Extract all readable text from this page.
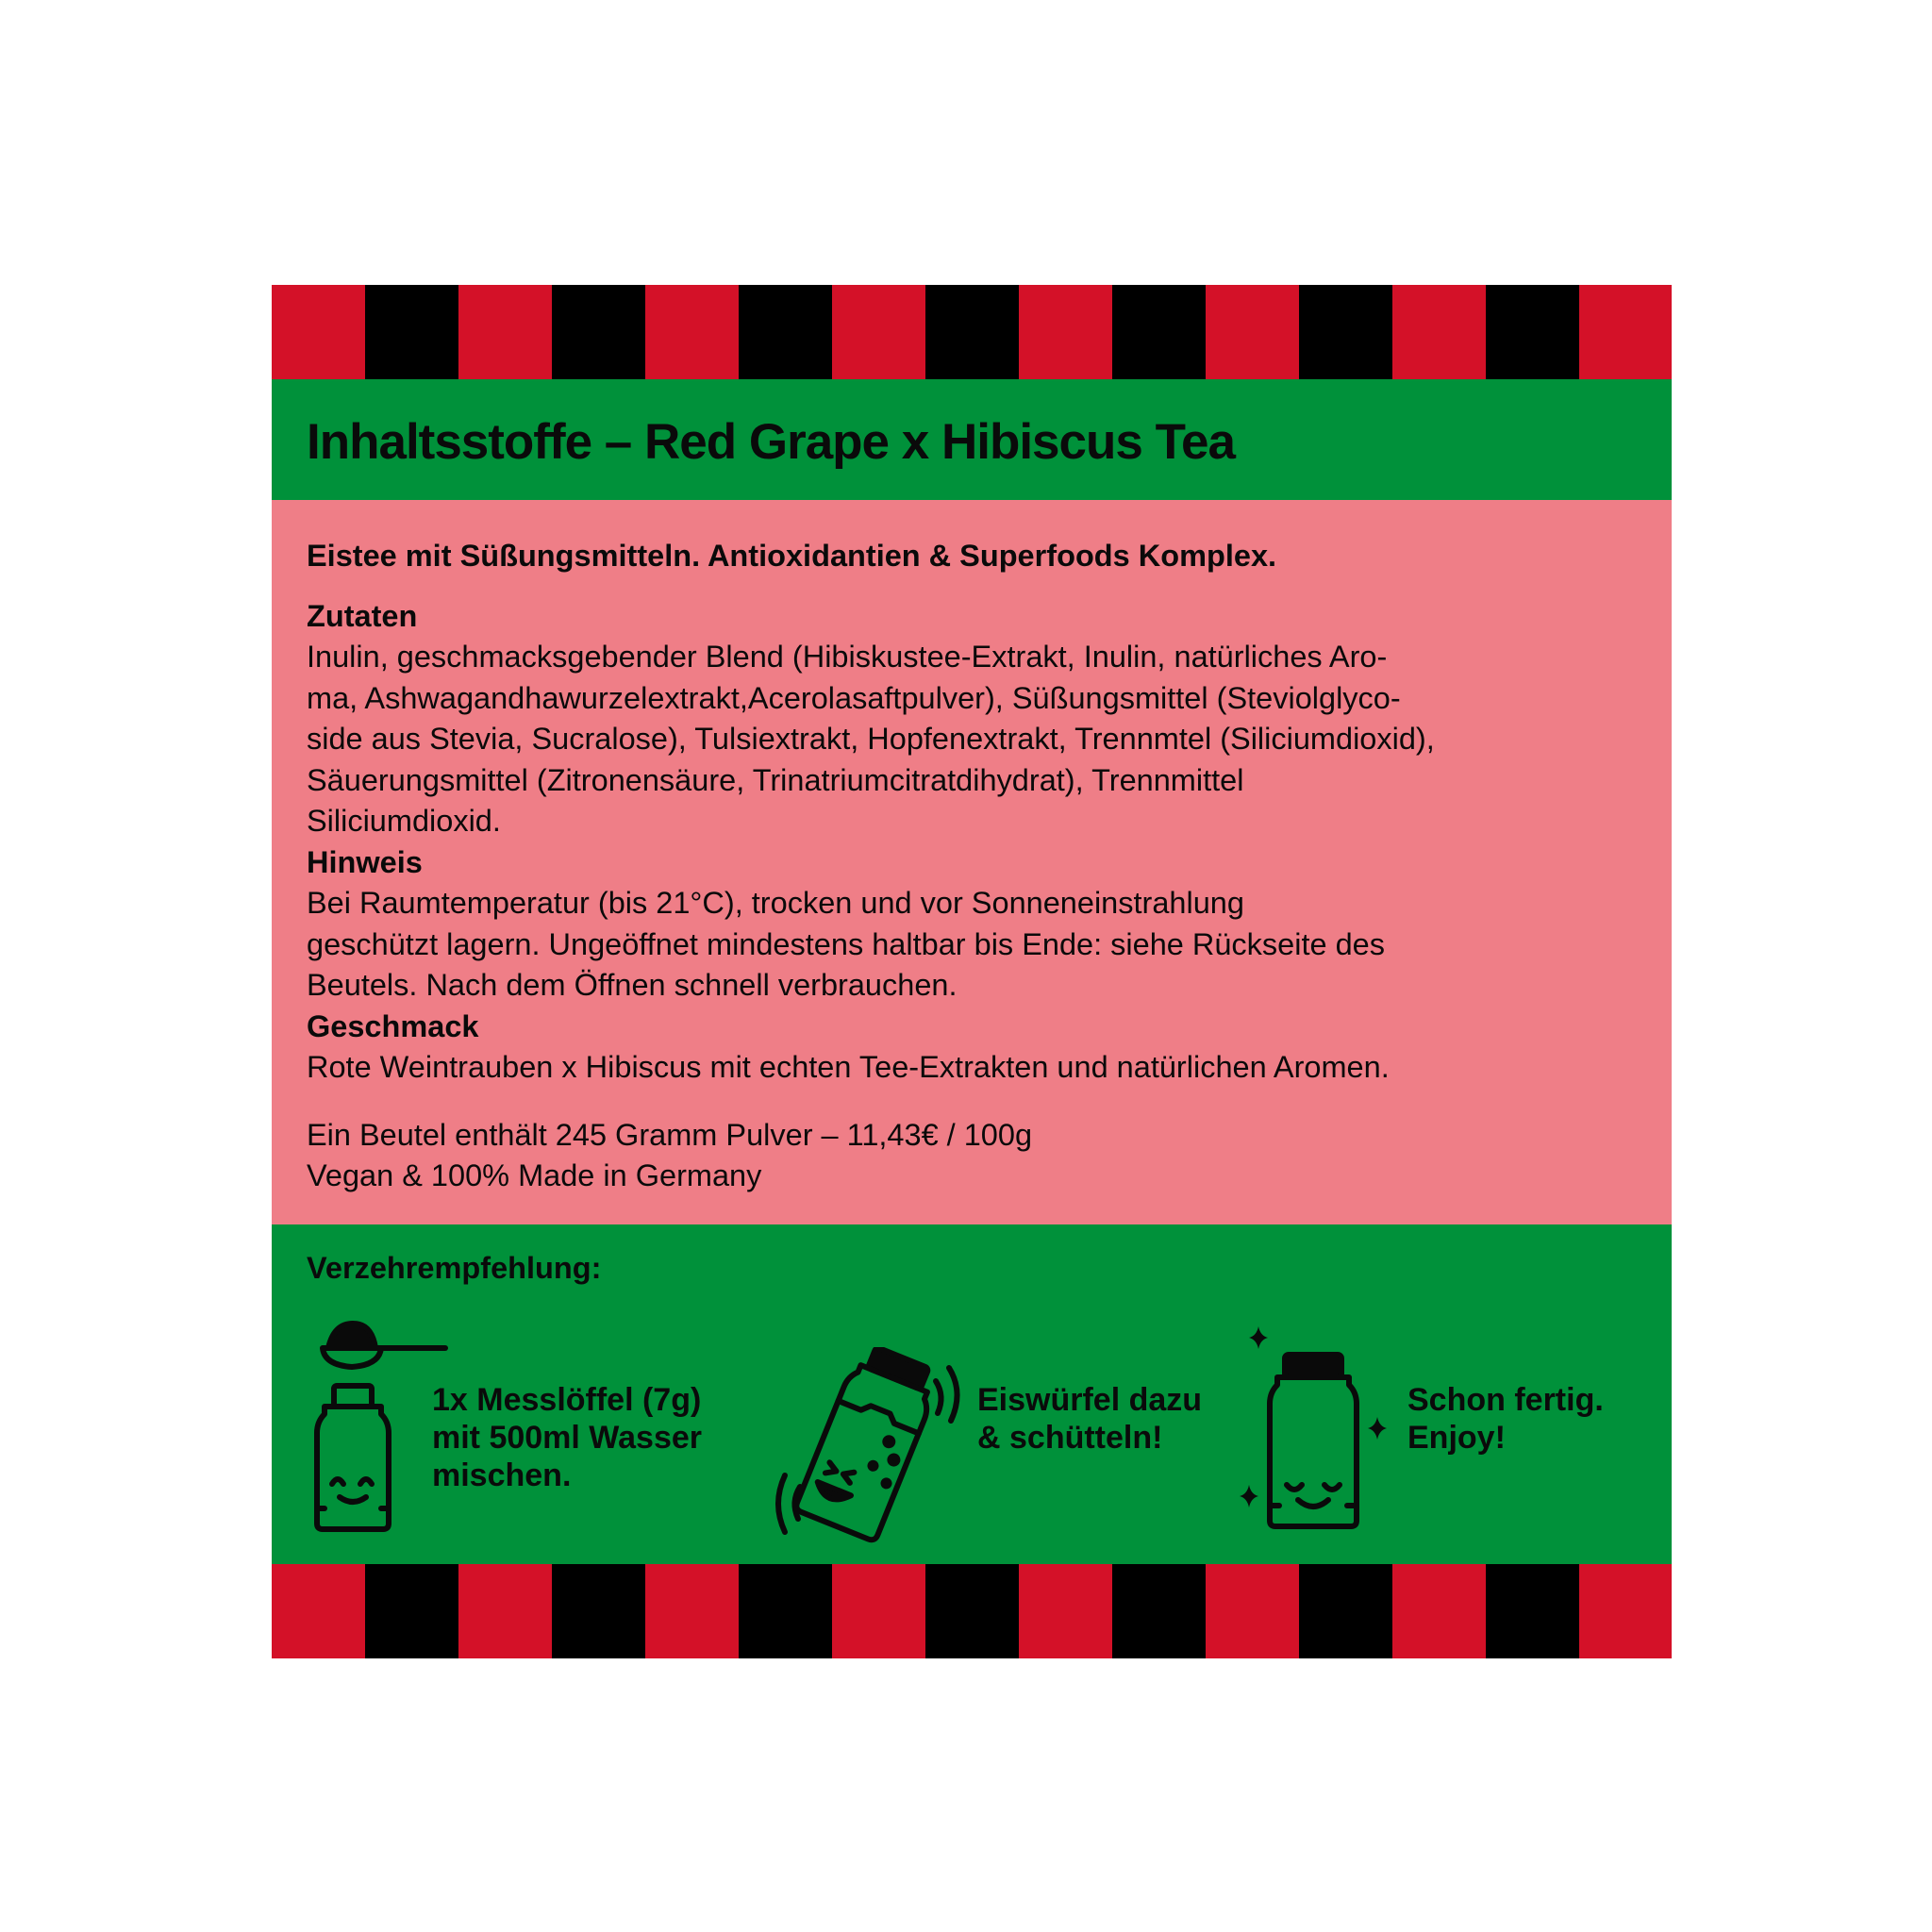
Inhaltsstoffe – Red Grape x Hibiscus Tea

Eistee mit Süßungsmitteln. Antioxidantien & Superfoods Komplex.

Zutaten

Inulin, geschmacksgebender Blend (Hibiskustee-Extrakt, Inulin, natürliches Aro-

ma, Ashwagandhawurzelextrakt,Acerolasaftpulver), Süßungsmittel (Steviolglyco-

side aus Stevia, Sucralose), Tulsiextrakt, Hopfenextrakt, Trennmtel (Siliciumdioxid),

Säuerungsmittel (Zitronensäure, Trinatriumcitratdihydrat), Trennmittel

Siliciumdioxid.

Hinweis

Bei Raumtemperatur (bis 21°C), trocken und vor Sonneneinstrahlung

geschützt lagern. Ungeöffnet mindestens haltbar bis Ende: siehe Rückseite des

Beutels. Nach dem Öffnen schnell verbrauchen.

Geschmack

Rote Weintrauben x Hibiscus mit echten Tee-Extrakten und natürlichen Aromen.

Ein Beutel enthält 245 Gramm Pulver – 11,43€ / 100g

Vegan & 100% Made in Germany

Verzehrempfehlung:

1x Messlöffel (7g)
mit 500ml Wasser
mischen.

Eiswürfel dazu
& schütteln!

Schon fertig.
Enjoy!
